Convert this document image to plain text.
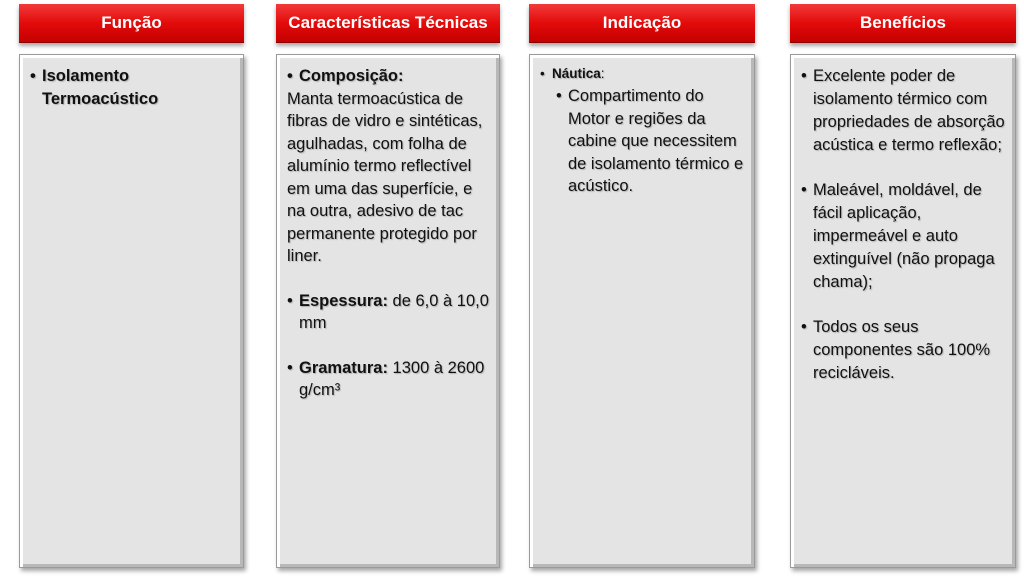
Função	Características Técnicas	Indicação	Benefícios
• Isolamento Termoacústico
• Composição:
Manta termoacústica de fibras de vidro e sintéticas, agulhadas, com folha de alumínio termo reflectível em uma das superfície, e na outra, adesivo de tac permanente protegido por liner.
• Espessura: de 6,0 à 10,0 mm
• Gramatura: 1300 à 2600 g/cm³
• Náutica:
• Compartimento do Motor e regiões da cabine que necessitem de isolamento térmico e acústico.
• Excelente poder de isolamento térmico com propriedades de absorção acústica e termo reflexão;
• Maleável, moldável, de fácil aplicação, impermeável e auto extinguível (não propaga chama);
• Todos os seus componentes são 100% recicláveis.
